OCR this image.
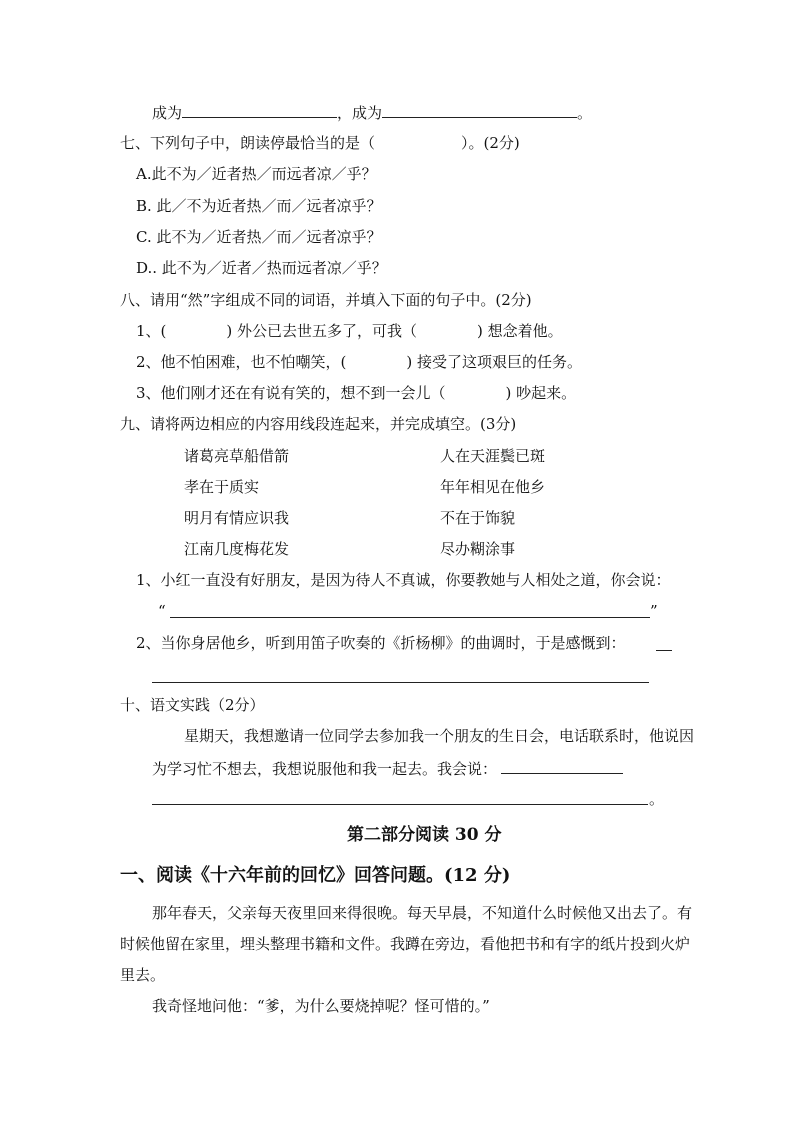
成为	，成为	。
七、下列句子中，朗读停最恰当的是（	）。(2分)
A.此不为／近者热／而远者凉／乎？
B. 此／不为近者热／而／远者凉乎？
C. 此不为／近者热／而／远者凉乎？
D.. 此不为／近者／热而远者凉／乎？
八、请用“然”字组成不同的词语，并填入下面的句子中。(2分)
1、(	) 外公已去世五多了，可我（	) 想念着他。
2、他不怕困难，也不怕嘲笑，(	) 接受了这项艰巨的任务。
3、他们刚才还在有说有笑的，想不到一会儿（	) 吵起来。
九、请将两边相应的内容用线段连起来，并完成填空。(3分)
诸葛亮草船借箭	人在天涯鬓已斑
孝在于质实	年年相见在他乡
明月有情应识我	不在于饰貌
江南几度梅花发	尽办糊涂事
1、小红一直没有好朋友，是因为待人不真诚，你要教她与人相处之道，你会说：
“	”
2、当你身居他乡，听到用笛子吹奏的《折杨柳》的曲调时，于是感慨到：
十、语文实践（2分）
星期天，我想邀请一位同学去参加我一个朋友的生日会，电话联系时，他说因
为学习忙不想去，我想说服他和我一起去。我会说：
。
第二部分阅读 30 分
一、阅读《十六年前的回忆》回答问题。(12 分)
那年春天，父亲每天夜里回来得很晚。每天早晨，不知道什么时候他又出去了。有
时候他留在家里，埋头整理书籍和文件。我蹲在旁边，看他把书和有字的纸片投到火炉
里去。
我奇怪地问他：“爹，为什么要烧掉呢？怪可惜的。”
